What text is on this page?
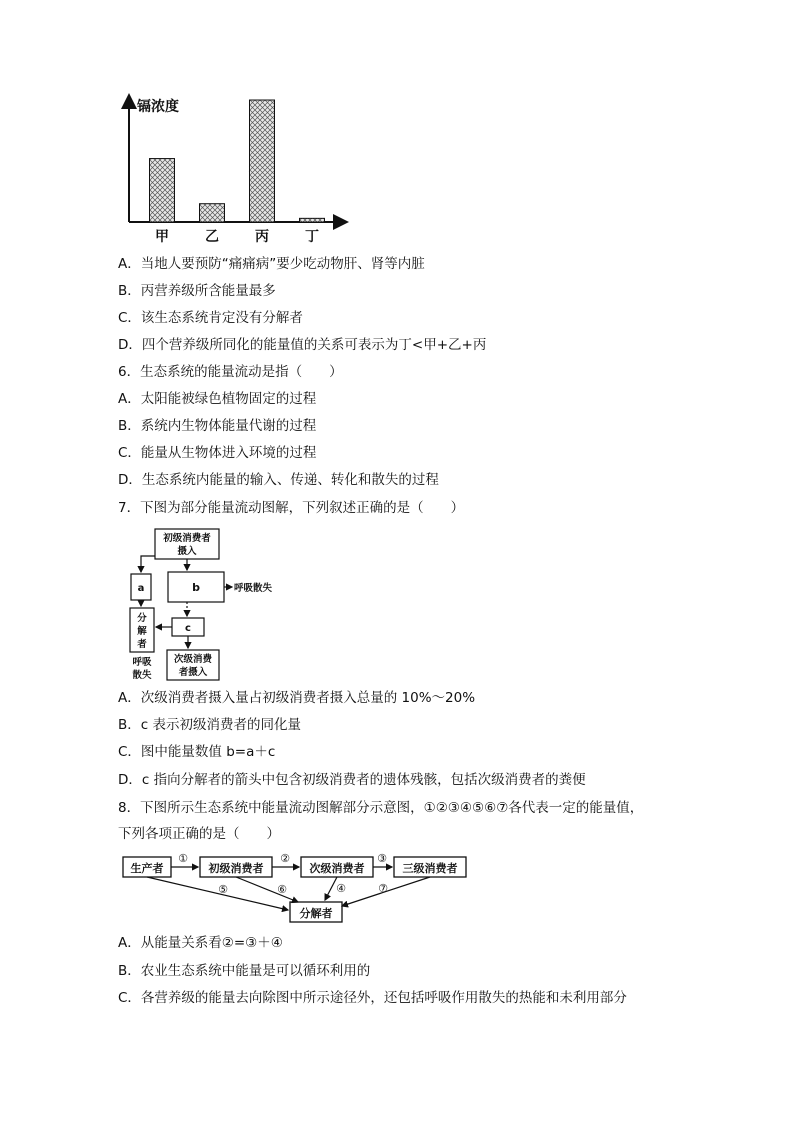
镉浓度
甲	乙	丙	丁
A．当地人要预防“痛痛病”要少吃动物肝、肾等内脏
B．丙营养级所含能量最多
C．该生态系统肯定没有分解者
D．四个营养级所同化的能量值的关系可表示为丁<甲+乙+丙
6．生态系统的能量流动是指（　　）
A．太阳能被绿色植物固定的过程
B．系统内生物体能量代谢的过程
C．能量从生物体进入环境的过程
D．生态系统内能量的输入、传递、转化和散失的过程
7．下图为部分能量流动图解，下列叙述正确的是（　　）
初级消费者
摄入
a	b	呼吸散失
分
解
者
c
呼吸
散失
次级消费
者摄入
A．次级消费者摄入量占初级消费者摄入总量的 10%～20%
B．c 表示初级消费者的同化量
C．图中能量数值 b=a＋c
D．c 指向分解者的箭头中包含初级消费者的遗体残骸，包括次级消费者的粪便
8．下图所示生态系统中能量流动图解部分示意图，①②③④⑤⑥⑦各代表一定的能量值，
下列各项正确的是（　　）
生产者	初级消费者	次级消费者	三级消费者
分解者
①	②	③
④
⑤	⑥	⑦
A．从能量关系看②=③＋④
B．农业生态系统中能量是可以循环利用的
C．各营养级的能量去向除图中所示途径外，还包括呼吸作用散失的热能和未利用部分
